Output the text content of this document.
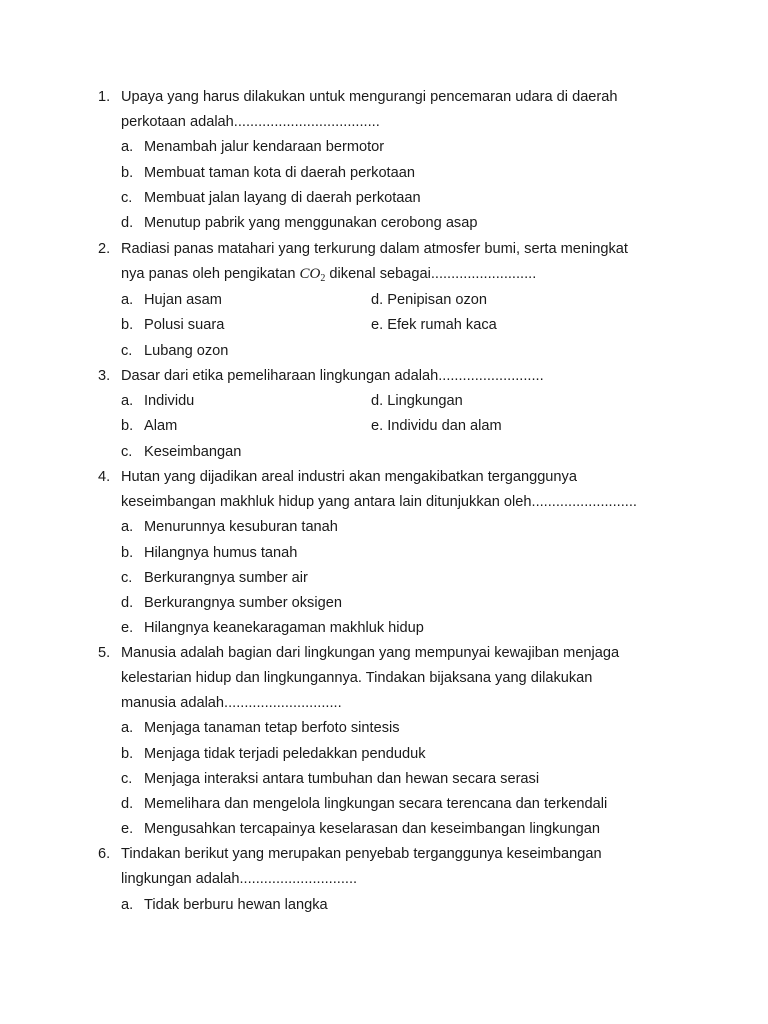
1. Upaya yang harus dilakukan untuk mengurangi pencemaran udara di daerah
perkotaan adalah....................................
a. Menambah jalur kendaraan bermotor
b. Membuat taman kota di daerah perkotaan
c. Membuat jalan layang di daerah perkotaan
d. Menutup pabrik yang menggunakan cerobong asap
2. Radiasi panas matahari yang terkurung dalam atmosfer bumi, serta meningkat
nya panas oleh pengikatan $CO_2$ dikenal sebagai..........................
a. Hujan asam	d. Penipisan ozon
b. Polusi suara	e. Efek rumah kaca
c. Lubang ozon
3. Dasar dari etika pemeliharaan lingkungan adalah..........................
a. Individu	d. Lingkungan
b. Alam	e. Individu dan alam
c. Keseimbangan
4. Hutan yang dijadikan areal industri akan mengakibatkan terganggunya
keseimbangan makhluk hidup yang antara lain ditunjukkan oleh..........................
a. Menurunnya kesuburan tanah
b. Hilangnya humus tanah
c. Berkurangnya sumber air
d. Berkurangnya sumber oksigen
e. Hilangnya keanekaragaman makhluk hidup
5. Manusia adalah bagian dari lingkungan yang mempunyai kewajiban menjaga
kelestarian hidup dan lingkungannya. Tindakan bijaksana yang dilakukan
manusia adalah.............................
a. Menjaga tanaman tetap berfoto sintesis
b. Menjaga tidak terjadi peledakkan penduduk
c. Menjaga interaksi antara tumbuhan dan hewan secara serasi
d. Memelihara dan mengelola lingkungan secara terencana dan terkendali
e. Mengusahkan tercapainya keselarasan dan keseimbangan lingkungan
6. Tindakan berikut yang merupakan penyebab terganggunya keseimbangan
lingkungan adalah.............................
a. Tidak berburu hewan langka
